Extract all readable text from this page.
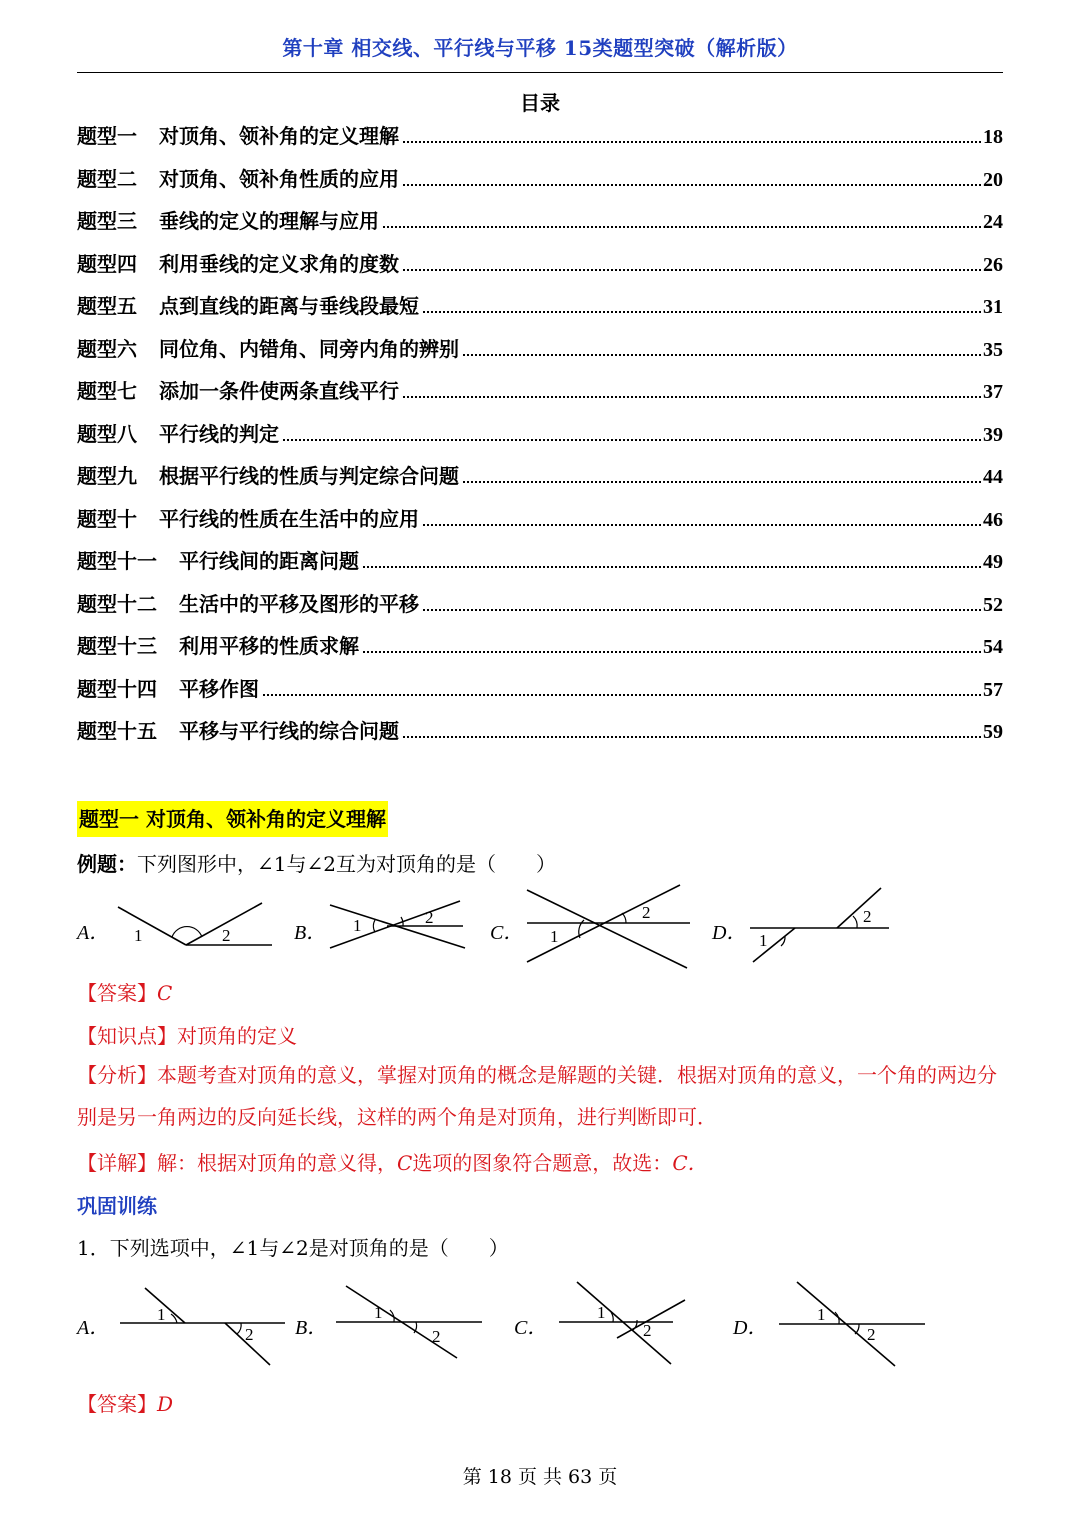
第十章 相交线、平行线与平移 15类题型突破（解析版）
目录
题型一 对顶角、领补角的定义理解	18
题型二 对顶角、领补角性质的应用	20
题型三 垂线的定义的理解与应用	24
题型四 利用垂线的定义求角的度数	26
题型五 点到直线的距离与垂线段最短	31
题型六 同位角、内错角、同旁内角的辨别	35
题型七 添加一条件使两条直线平行	37
题型八 平行线的判定	39
题型九 根据平行线的性质与判定综合问题	44
题型十 平行线的性质在生活中的应用	46
题型十一 平行线间的距离问题	49
题型十二 生活中的平移及图形的平移	52
题型十三 利用平移的性质求解	54
题型十四 平移作图	57
题型十五 平移与平行线的综合问题	59
题型一 对顶角、领补角的定义理解
例题：下列图形中，∠1与∠2互为对顶角的是（　　）
A． 1	2	B． 1	2
C． 1
2
D． 1
2
【答案】C
【知识点】对顶角的定义
【分析】本题考查对顶角的意义，掌握对顶角的概念是解题的关键．根据对顶角的意义，一个角的两边分别是另一角两边的反向延长线，这样的两个角是对顶角，进行判断即可．
【详解】解：根据对顶角的意义得，C选项的图象符合题意，故选：C．
巩固训练
1．下列选项中，∠1与∠2是对顶角的是（　　）
A．
1
2 B．
1
2	C．
1
2	D．
1
2
【答案】D
第 18 页 共 63 页
